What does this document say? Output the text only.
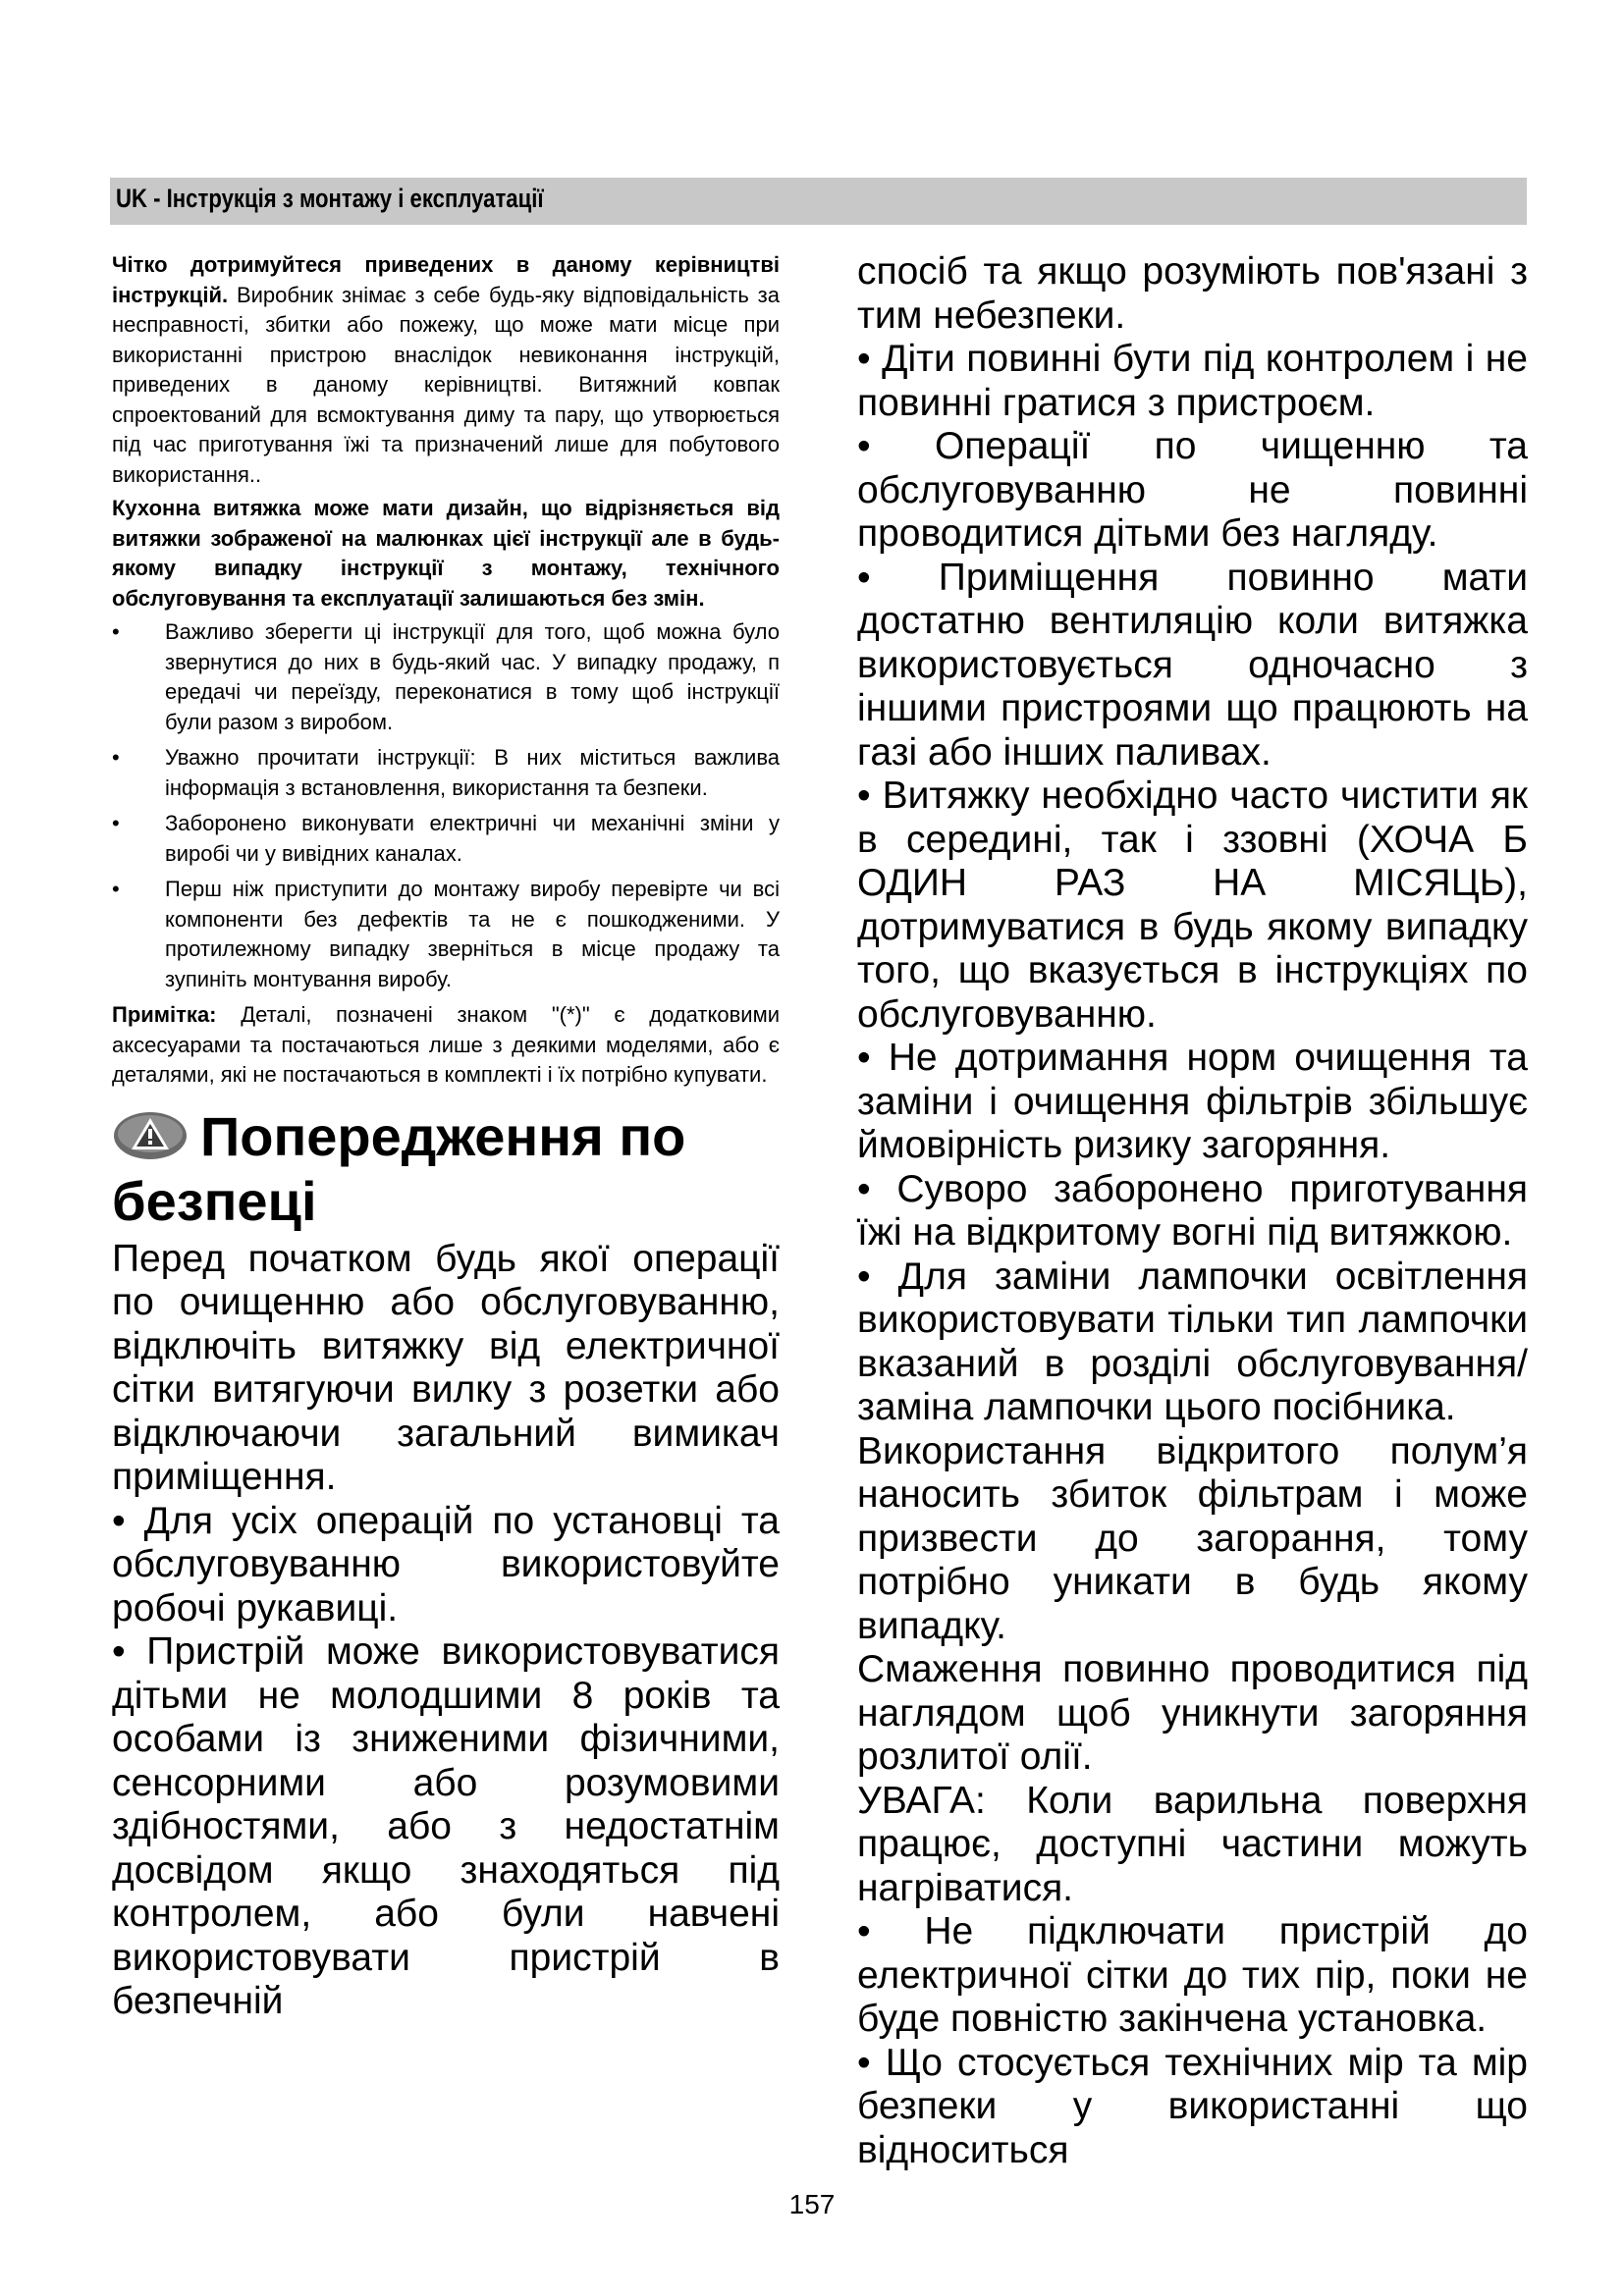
UK - Інструкція з монтажу і експлуатації

Чітко дотримуйтеся приведених в даному керівництві інструкцій. Виробник знімає з себе будь-яку відповідальність за несправності, збитки або пожежу, що може мати місце при використанні пристрою внаслідок невиконання інструкцій, приведених в даному керівництві. Витяжний ковпак спроектований для всмоктування диму та пару, що утворюється під час приготування їжі та призначений лише для побутового використання..

Кухонна витяжка може мати дизайн, що відрізняється від витяжки зображеної на малюнках цієї інструкції але в будь-якому випадку інструкції з монтажу, технічного обслуговування та експлуатації залишаються без змін.

• Важливо зберегти ці інструкції для того, щоб можна було звернутися до них в будь-який час. У випадку продажу, п ередачі чи переїзду, переконатися в тому щоб інструкції були разом з виробом.
• Уважно прочитати інструкції: В них міститься важлива інформація з встановлення, використання та безпеки.
• Заборонено виконувати електричні чи механічні зміни у виробі чи у вивідних каналах.
• Перш ніж приступити до монтажу виробу перевірте чи всі компоненти без дефектів та не є пошкодженими. У протилежному випадку зверніться в місце продажу та зупиніть монтування виробу.

Примітка: Деталі, позначені знаком "(*)" є додатковими аксесуарами та постачаються лише з деякими моделями, або є деталями, які не постачаються в комплекті і їх потрібно купувати.

Попередження по безпеці

Перед початком будь якої операції по очищенню або обслуговуванню, відключіть витяжку від електричної сітки витягуючи вилку з розетки або відключаючи загальний вимикач приміщення.

• Для усіх операцій по установці та обслуговуванню використовуйте робочі рукавиці.

• Пристрій може використовуватися дітьми не молодшими 8 років та особами із зниженими фізичними, сенсорними або розумовими здібностями, або з недостатнім досвідом якщо знаходяться під контролем, або були навчені використовувати пристрій в безпечній

спосіб та якщо розуміють пов'язані з тим небезпеки.

• Діти повинні бути під контролем і не повинні гратися з пристроєм.

• Операції по чищенню та обслуговуванню не повинні проводитися дітьми без нагляду.

• Приміщення повинно мати достатню вентиляцію коли витяжка використовується одночасно з іншими пристроями що працюють на газі або інших паливах.

• Витяжку необхідно часто чистити як в середині, так і ззовні (ХОЧА Б ОДИН РАЗ НА МІСЯЦЬ), дотримуватися в будь якому випадку того, що вказується в інструкціях по обслуговуванню.

• Не дотримання норм очищення та заміни і очищення фільтрів збільшує ймовірність ризику загоряння.

• Суворо заборонено приготування їжі на відкритому вогні під витяжкою.

• Для заміни лампочки освітлення використовувати тільки тип лампочки вказаний в розділі обслуговування/заміна лампочки цього посібника.

Використання відкритого полум’я наносить збиток фільтрам і може призвести до загорання, тому потрібно уникати в будь якому випадку.

Смаження повинно проводитися під наглядом щоб уникнути загоряння розлитої олії.

УВАГА: Коли варильна поверхня працює, доступні частини можуть нагріватися.

• Не підключати пристрій до електричної сітки до тих пір, поки не буде повністю закінчена установка.

• Що стосується технічних мір та мір безпеки у використанні що відноситься

157
